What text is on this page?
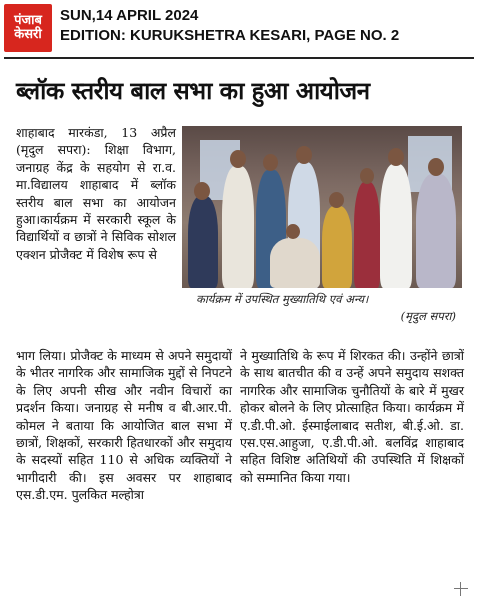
पंजाब
केसरी
SUN,14 APRIL 2024
EDITION: KURUKSHETRA KESARI, PAGE NO. 2
ब्लॉक स्तरीय बाल सभा का हुआ आयोजन

शाहाबाद मारकंडा, 13 अप्रैल (मृदुल सपरा): शिक्षा विभाग, जनाग्रह केंद्र के सहयोग से रा.व. मा.विद्यालय शाहाबाद में ब्लॉक स्तरीय बाल सभा का आयोजन हुआ।कार्यक्रम में सरकारी स्कूल के विद्यार्थियों व छात्रों ने सिविक सोशल एक्शन प्रोजैक्ट में विशेष रूप से

कार्यक्रम में उपस्थित मुख्यातिथि एवं अन्य।
(मृदुल सपरा)

भाग लिया। प्रोजैक्ट के माध्यम से अपने समुदायों के भीतर नागरिक और सामाजिक मुद्दों से निपटने के लिए अपनी सीख और नवीन विचारों का प्रदर्शन किया। जनाग्रह से मनीष व बी.आर.पी. कोमल ने बताया कि आयोजित बाल सभा में छात्रों, शिक्षकों, सरकारी हितधारकों और समुदाय के सदस्यों सहित 110 से अधिक व्यक्तियों ने भागीदारी की। इस अवसर पर शाहाबाद एस.डी.एम. पुलकित मल्होत्रा

ने मुख्यातिथि के रूप में शिरकत की। उन्होंने छात्रों के साथ बातचीत की व उन्हें अपने समुदाय सशक्त नागरिक और सामाजिक चुनौतियों के बारे में मुखर होकर बोलने के लिए प्रोत्साहित किया। कार्यक्रम में ए.डी.पी.ओ. ईस्माईलाबाद सतीश, बी.ई.ओ. डा. एस.एस.आहुजा, ए.डी.पी.ओ. बलविंद्र शाहाबाद सहित विशिष्ट अतिथियों की उपस्थिति में शिक्षकों को सम्मानित किया गया।
